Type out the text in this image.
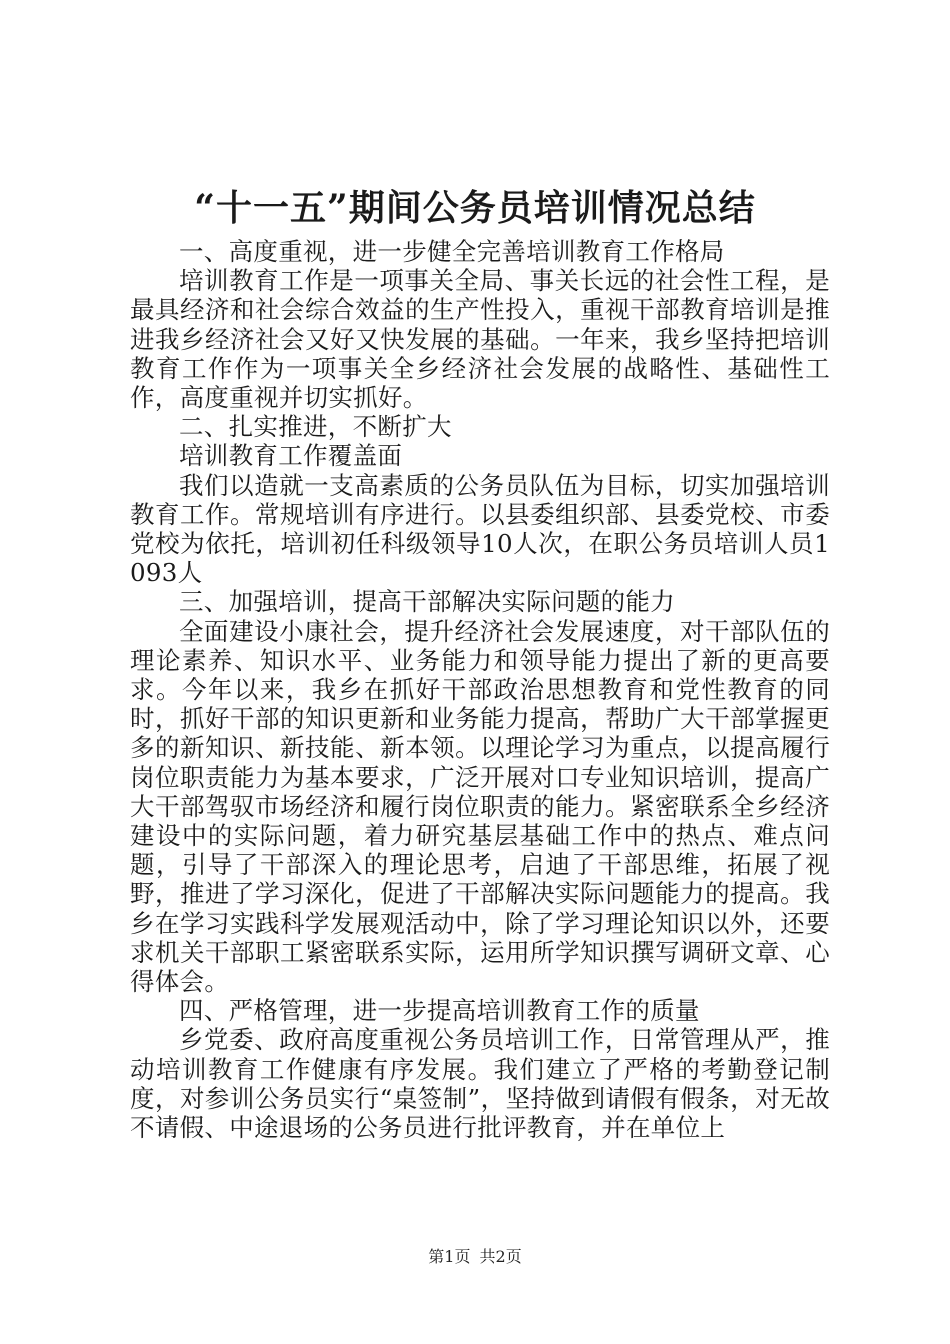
“十一五”期间公务员培训情况总结

一、高度重视，进一步健全完善培训教育工作格局

培训教育工作是一项事关全局、事关长远的社会性工程，是最具经济和社会综合效益的生产性投入，重视干部教育培训是推进我乡经济社会又好又快发展的基础。一年来，我乡坚持把培训教育工作作为一项事关全乡经济社会发展的战略性、基础性工作，高度重视并切实抓好。

二、扎实推进，不断扩大

培训教育工作覆盖面

我们以造就一支高素质的公务员队伍为目标，切实加强培训教育工作。常规培训有序进行。以县委组织部、县委党校、市委党校为依托，培训初任科级领导10人次，在职公务员培训人员1093人

三、加强培训，提高干部解决实际问题的能力

全面建设小康社会，提升经济社会发展速度，对干部队伍的理论素养、知识水平、业务能力和领导能力提出了新的更高要求。今年以来，我乡在抓好干部政治思想教育和党性教育的同时，抓好干部的知识更新和业务能力提高，帮助广大干部掌握更多的新知识、新技能、新本领。以理论学习为重点，以提高履行岗位职责能力为基本要求，广泛开展对口专业知识培训，提高广大干部驾驭市场经济和履行岗位职责的能力。紧密联系全乡经济建设中的实际问题，着力研究基层基础工作中的热点、难点问题，引导了干部深入的理论思考，启迪了干部思维，拓展了视野，推进了学习深化，促进了干部解决实际问题能力的提高。我乡在学习实践科学发展观活动中，除了学习理论知识以外，还要求机关干部职工紧密联系实际，运用所学知识撰写调研文章、心得体会。

四、严格管理，进一步提高培训教育工作的质量

乡党委、政府高度重视公务员培训工作，日常管理从严，推动培训教育工作健康有序发展。我们建立了严格的考勤登记制度，对参训公务员实行“桌签制”，坚持做到请假有假条，对无故不请假、中途退场的公务员进行批评教育，并在单位上

第1页 共2页
